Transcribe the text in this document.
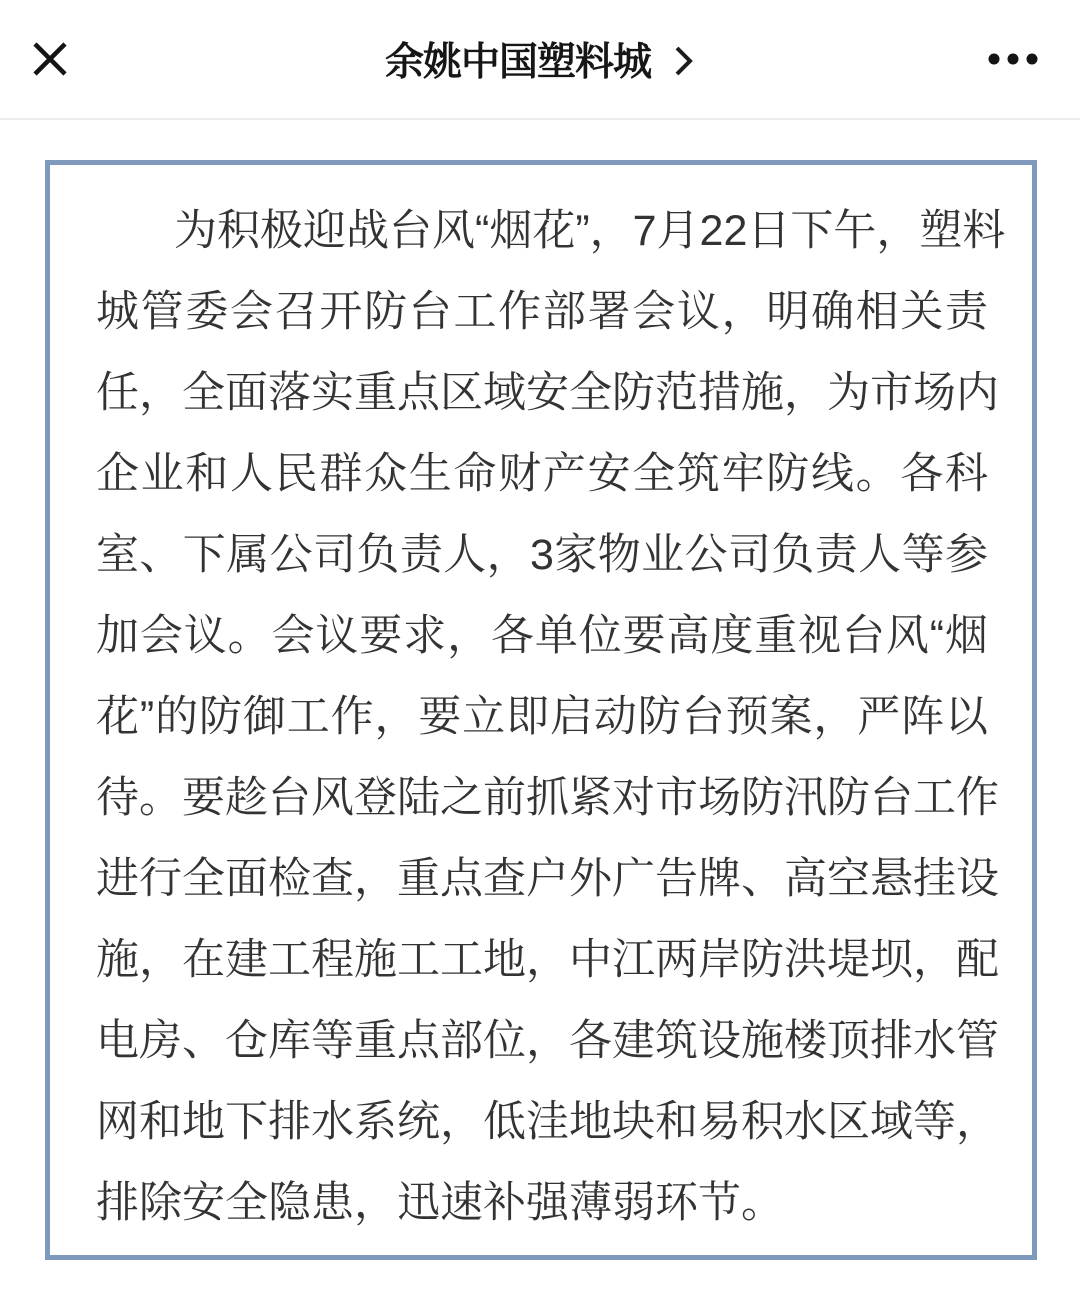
余姚中国塑料城
为积极迎战台风“烟花”，7月22日下午，塑料
城管委会召开防台工作部署会议，明确相关责
任，全面落实重点区域安全防范措施，为市场内
企业和人民群众生命财产安全筑牢防线。各科
室、下属公司负责人，3家物业公司负责人等参
加会议。会议要求，各单位要高度重视台风“烟
花”的防御工作，要立即启动防台预案，严阵以
待。要趁台风登陆之前抓紧对市场防汛防台工作
进行全面检查，重点查户外广告牌、高空悬挂设
施，在建工程施工工地，中江两岸防洪堤坝，配
电房、仓库等重点部位，各建筑设施楼顶排水管
网和地下排水系统，低洼地块和易积水区域等，
排除安全隐患，迅速补强薄弱环节。
